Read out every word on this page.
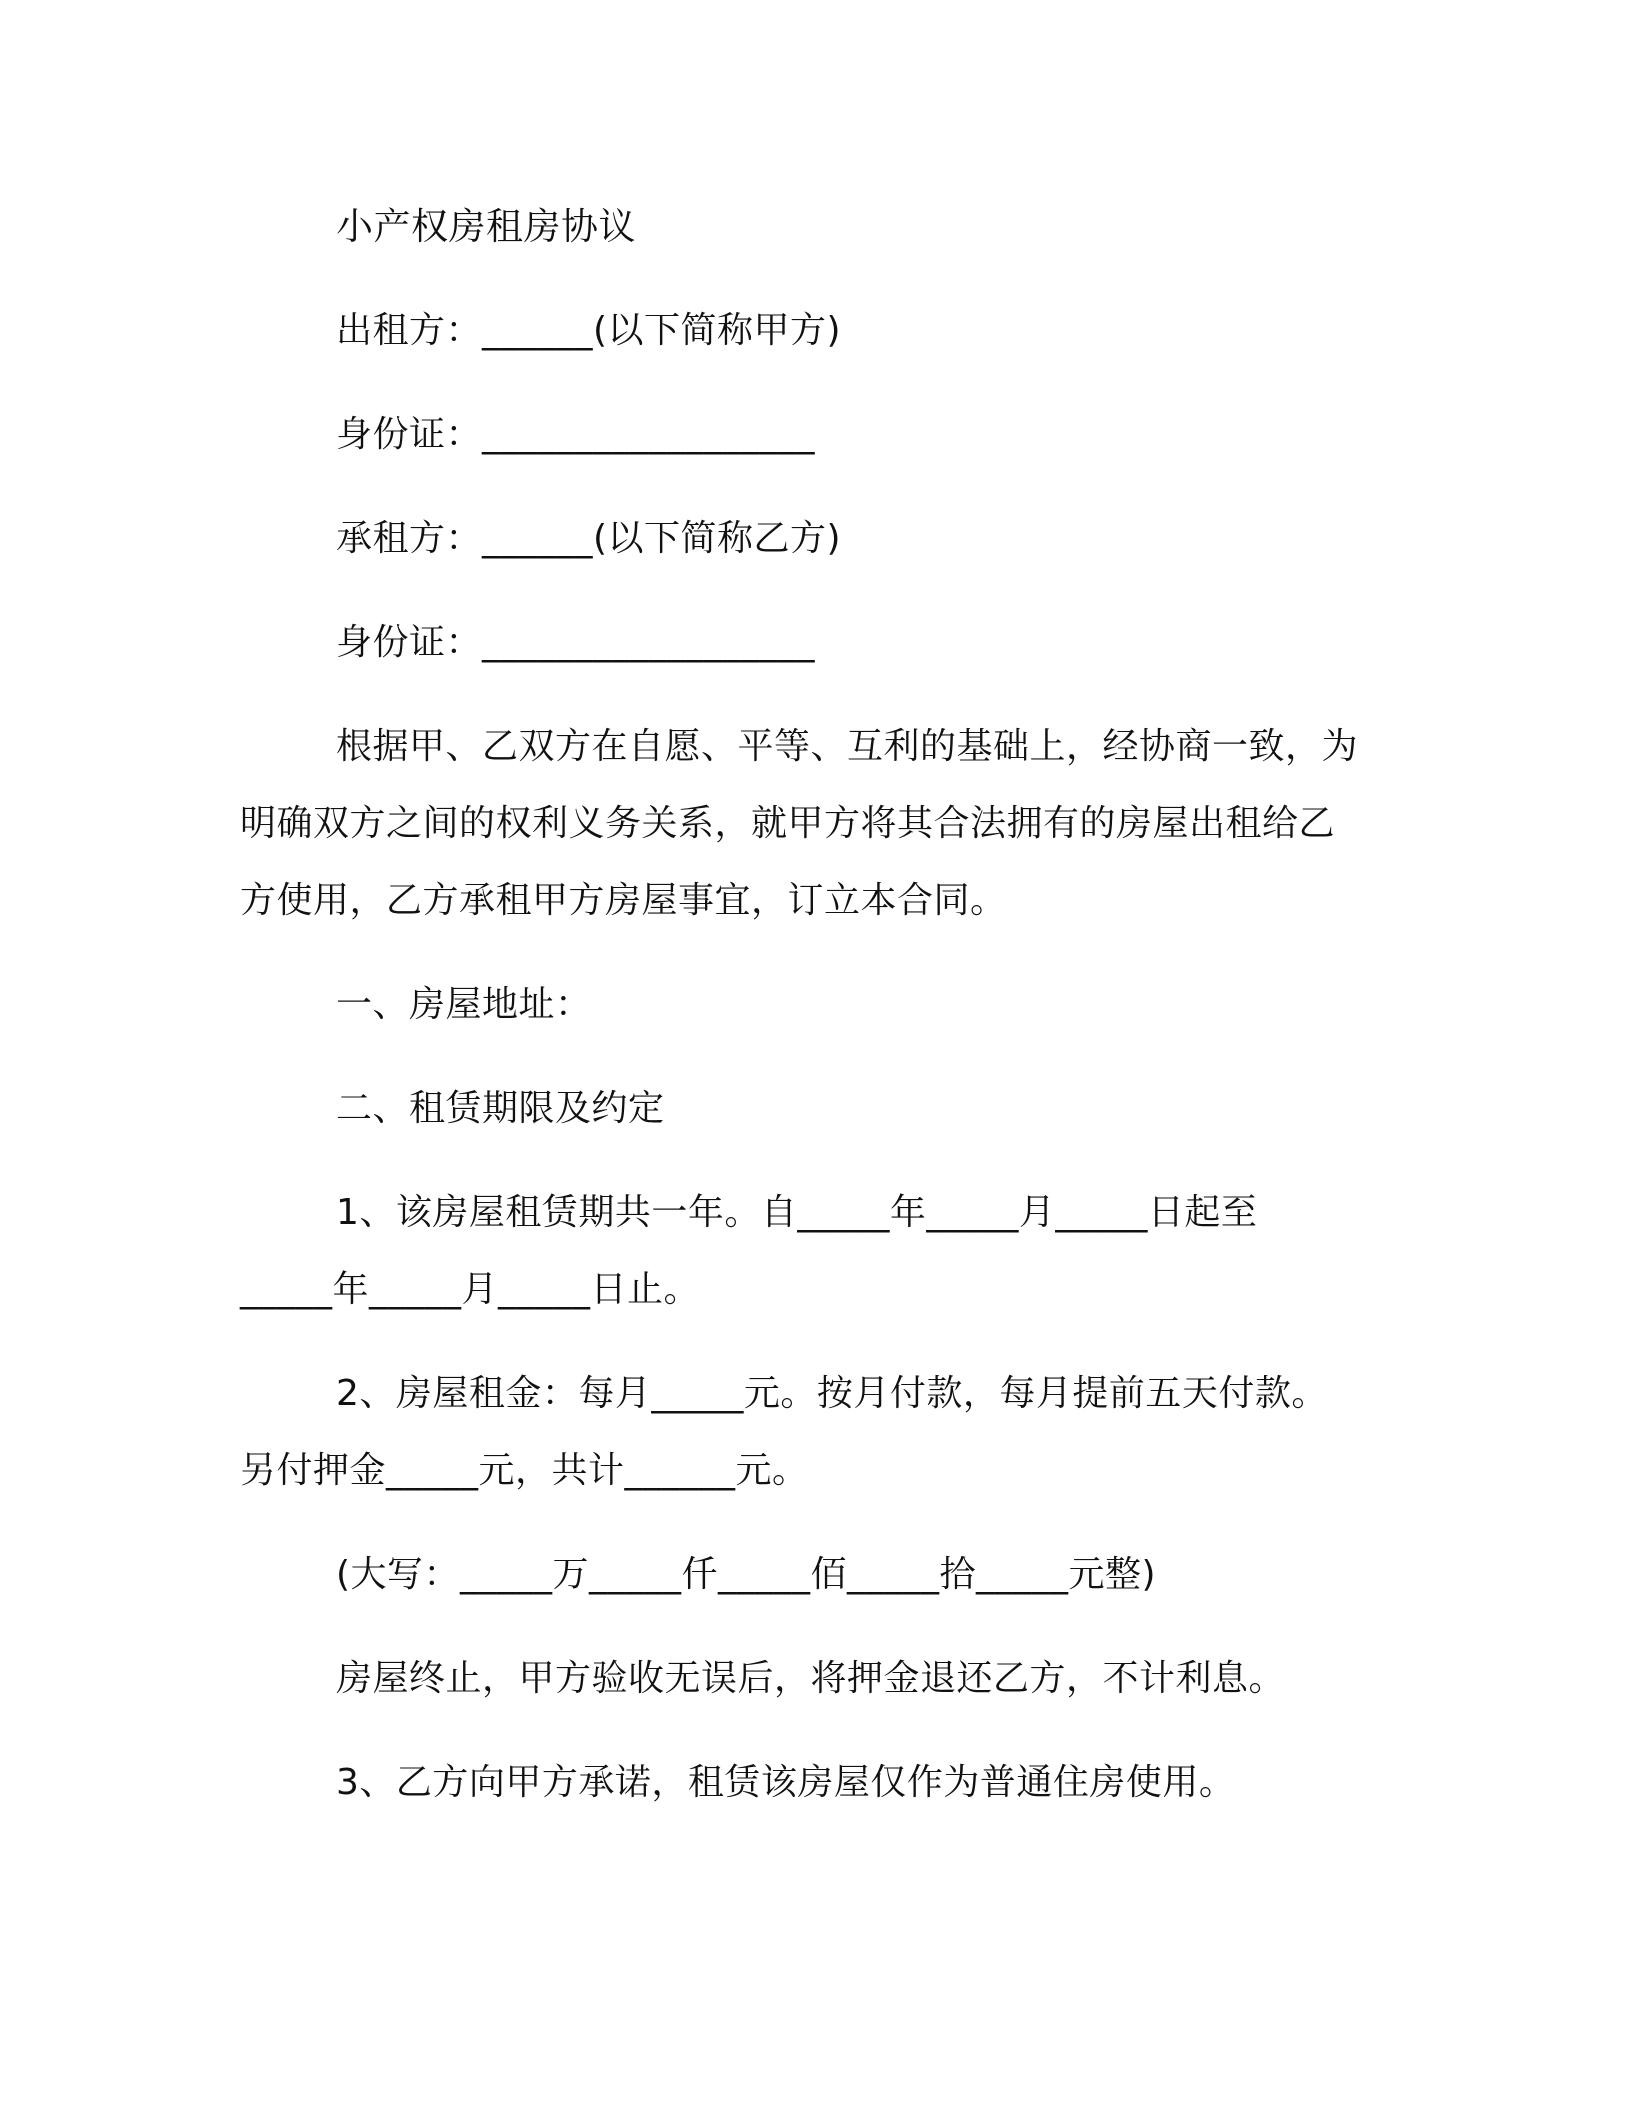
小产权房租房协议

出租方：______(以下简称甲方)

身份证：__________________

承租方：______(以下简称乙方)

身份证：__________________

根据甲、乙双方在自愿、平等、互利的基础上，经协商一致，为

明确双方之间的权利义务关系，就甲方将其合法拥有的房屋出租给乙

方使用，乙方承租甲方房屋事宜，订立本合同。

一、房屋地址：

二、租赁期限及约定

1、该房屋租赁期共一年。自_____年_____月_____日起至

_____年_____月_____日止。

2、房屋租金：每月_____元。按月付款，每月提前五天付款。

另付押金_____元，共计______元。

(大写：_____万_____仟_____佰_____拾_____元整)

房屋终止，甲方验收无误后，将押金退还乙方，不计利息。

3、乙方向甲方承诺，租赁该房屋仅作为普通住房使用。
